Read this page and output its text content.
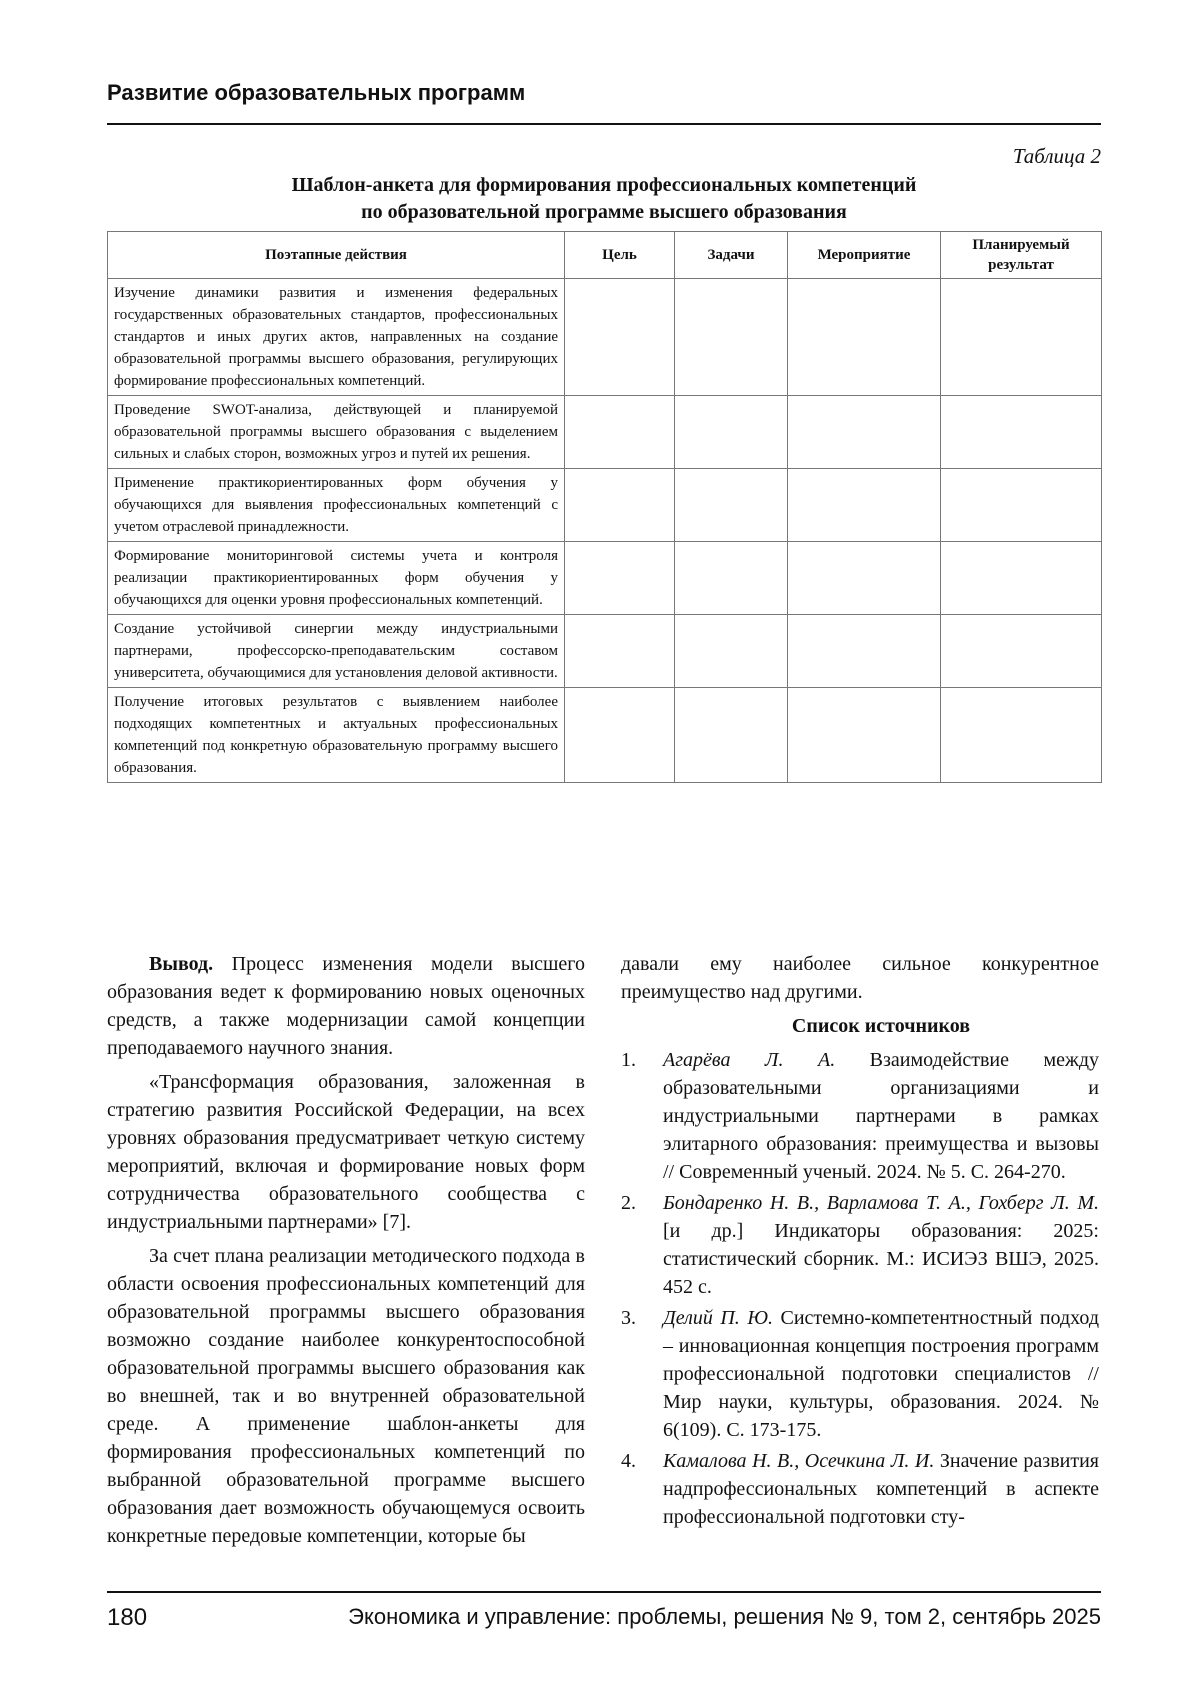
Развитие образовательных программ
Таблица 2
Шаблон-анкета для формирования профессиональных компетенций
по образовательной программе высшего образования
Поэтапные действия	Цель	Задачи	Мероприятие	Планируемый результат
Изучение динамики развития и изменения федеральных государственных образовательных стандартов, профессиональных стандартов и иных других актов, направленных на создание образовательной программы высшего образования, регулирующих формирование профессиональных компетенций.				
Проведение SWOT-анализа, действующей и планируемой образовательной программы высшего образования с выделением сильных и слабых сторон, возможных угроз и путей их решения.				
Применение практикориентированных форм обучения у обучающихся для выявления профессиональных компетенций с учетом отраслевой принадлежности.				
Формирование мониторинговой системы учета и контроля реализации практикориентированных форм обучения у обучающихся для оценки уровня профессиональных компетенций.				
Создание устойчивой синергии между индустриальными партнерами, профессорско-преподавательским составом университета, обучающимися для установления деловой активности.				
Получение итоговых результатов с выявлением наиболее подходящих компетентных и актуальных профессиональных компетенций под конкретную образовательную программу высшего образования.				

Вывод. Процесс изменения модели высшего образования ведет к формированию новых оценочных средств, а также модернизации самой концепции преподаваемого научного знания.

«Трансформация образования, заложенная в стратегию развития Российской Федерации, на всех уровнях образования предусматривает четкую систему мероприятий, включая и формирование новых форм сотрудничества образовательного сообщества с индустриальными партнерами» [7].

За счет плана реализации методического подхода в области освоения профессиональных компетенций для образовательной программы высшего образования возможно создание наиболее конкурентоспособной образовательной программы высшего образования как во внешней, так и во внутренней образовательной среде. А применение шаблон-анкеты для формирования профессиональных компетенций по выбранной образовательной программе высшего образования дает возможность обучающемуся освоить конкретные передовые компетенции, которые бы

давали ему наиболее сильное конкурентное преимущество над другими.

Список источников

1. Агарёва Л. А. Взаимодействие между образовательными организациями и индустриальными партнерами в рамках элитарного образования: преимущества и вызовы // Современный ученый. 2024. № 5. С. 264-270.
2. Бондаренко Н. В., Варламова Т. А., Гохберг Л. М. [и др.] Индикаторы образования: 2025: статистический сборник. М.: ИСИЭЗ ВШЭ, 2025. 452 с.
3. Делий П. Ю. Системно-компетентностный подход – инновационная концепция построения программ профессиональной подготовки специалистов // Мир науки, культуры, образования. 2024. № 6(109). С. 173-175.
4. Камалова Н. В., Осечкина Л. И. Значение развития надпрофессиональных компетенций в аспекте профессиональной подготовки сту-
180	Экономика и управление: проблемы, решения № 9, том 2, сентябрь 2025
